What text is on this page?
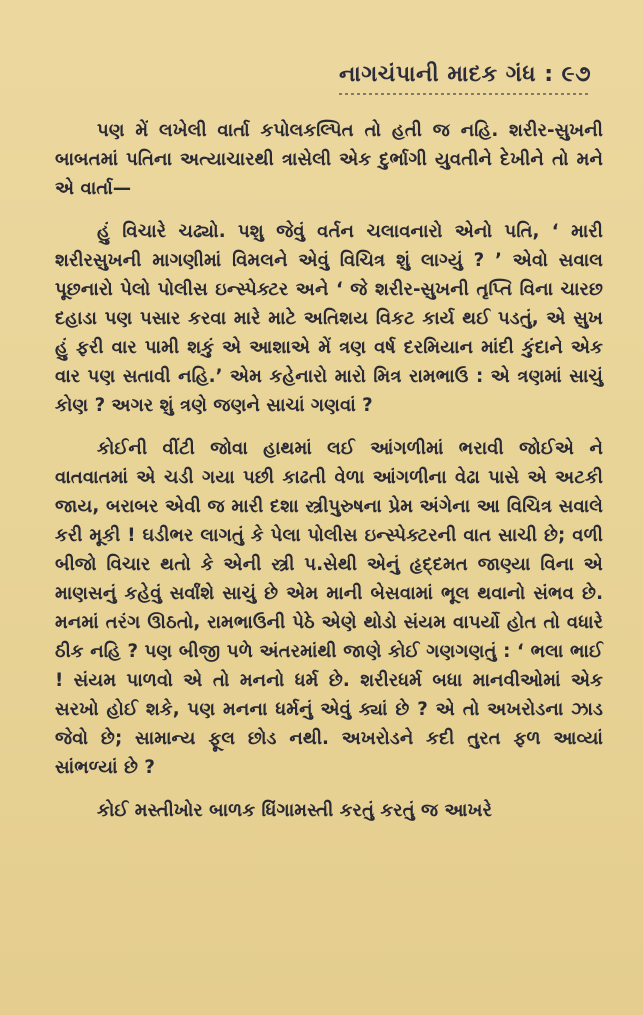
નાગચંપાની માદક ગંધ : ૯૭

પણ મેં લખેલી વાર્તા કપોલકલ્પિત તો હતી જ નહિ. શરીર-સુખની બાબતમાં પતિના અત્યાચારથી ત્રાસેલી એક દુર્ભાગી યુવતીને દેખીને તો મને એ વાર્તા—

હું વિચારે ચઢ્યો. પશુ જેવું વર્તન ચલાવનારો એનો પતિ, ‘ મારી શરીરસુખની માગણીમાં વિમલને એવું વિચિત્ર શું લાગ્યું ? ’ એવો સવાલ પૂછનારો પેલો પોલીસ ઇન્સ્પેક્ટર અને ‘ જે શરીર-સુખની તૃપ્તિ વિના ચારછ દહાડા પણ પસાર કરવા મારે માટે અતિશય વિકટ કાર્ય થઈ પડતું, એ સુખ હું ફરી વાર પામી શકું એ આશાએ મેં ત્રણ વર્ષ દરમિયાન માંદી કુંદાને એક વાર પણ સતાવી નહિ.’ એમ કહેનારો મારો મિત્ર રામભાઉ : એ ત્રણમાં સાચું કોણ ? અગર શું ત્રણે જણને સાચાં ગણવાં ?

કોઈની વીંટી જોવા હાથમાં લઈ આંગળીમાં ભરાવી જોઈએ ને વાતવાતમાં એ ચડી ગયા પછી કાઢતી વેળા આંગળીના વેઢા પાસે એ અટકી જાય, બરાબર એવી જ મારી દશા સ્ત્રીપુરુષના પ્રેમ અંગેના આ વિચિત્ર સવાલે કરી મૂકી ! ઘડીભર લાગતું કે પેલા પોલીસ ઇન્સ્પેક્ટરની વાત સાચી છે; વળી બીજો વિચાર થતો કે એની સ્ત્રી પ.સેથી એનું હૃદ્દમત જાણ્યા વિના એ માણસનું કહેવું સર્વાંશે સાચું છે એમ માની બેસવામાં ભૂલ થવાનો સંભવ છે. મનમાં તરંગ ઊઠતો, રામભાઉની પેઠે એણે થોડો સંયમ વાપર્યો હોત તો વધારે ઠીક નહિ ? પણ બીજી પળે અંતરમાંથી જાણે કોઈ ગણગણતું : ‘ ભલા ભાઈ ! સંયમ પાળવો એ તો મનનો ધર્મ છે. શરીરધર્મ બધા માનવીઓમાં એક સરખો હોઈ શકે, પણ મનના ધર્મનું એવું ક્યાં છે ? એ તો અખરોડના ઝાડ જેવો છે; સામાન્ય ફૂલ છોડ નથી. અખરોડને કદી તુરત ફળ આવ્યાં સાંભળ્યાં છે ?

કોઈ મસ્તીખોર બાળક ધિંગામસ્તી કરતું કરતું જ આખરે
